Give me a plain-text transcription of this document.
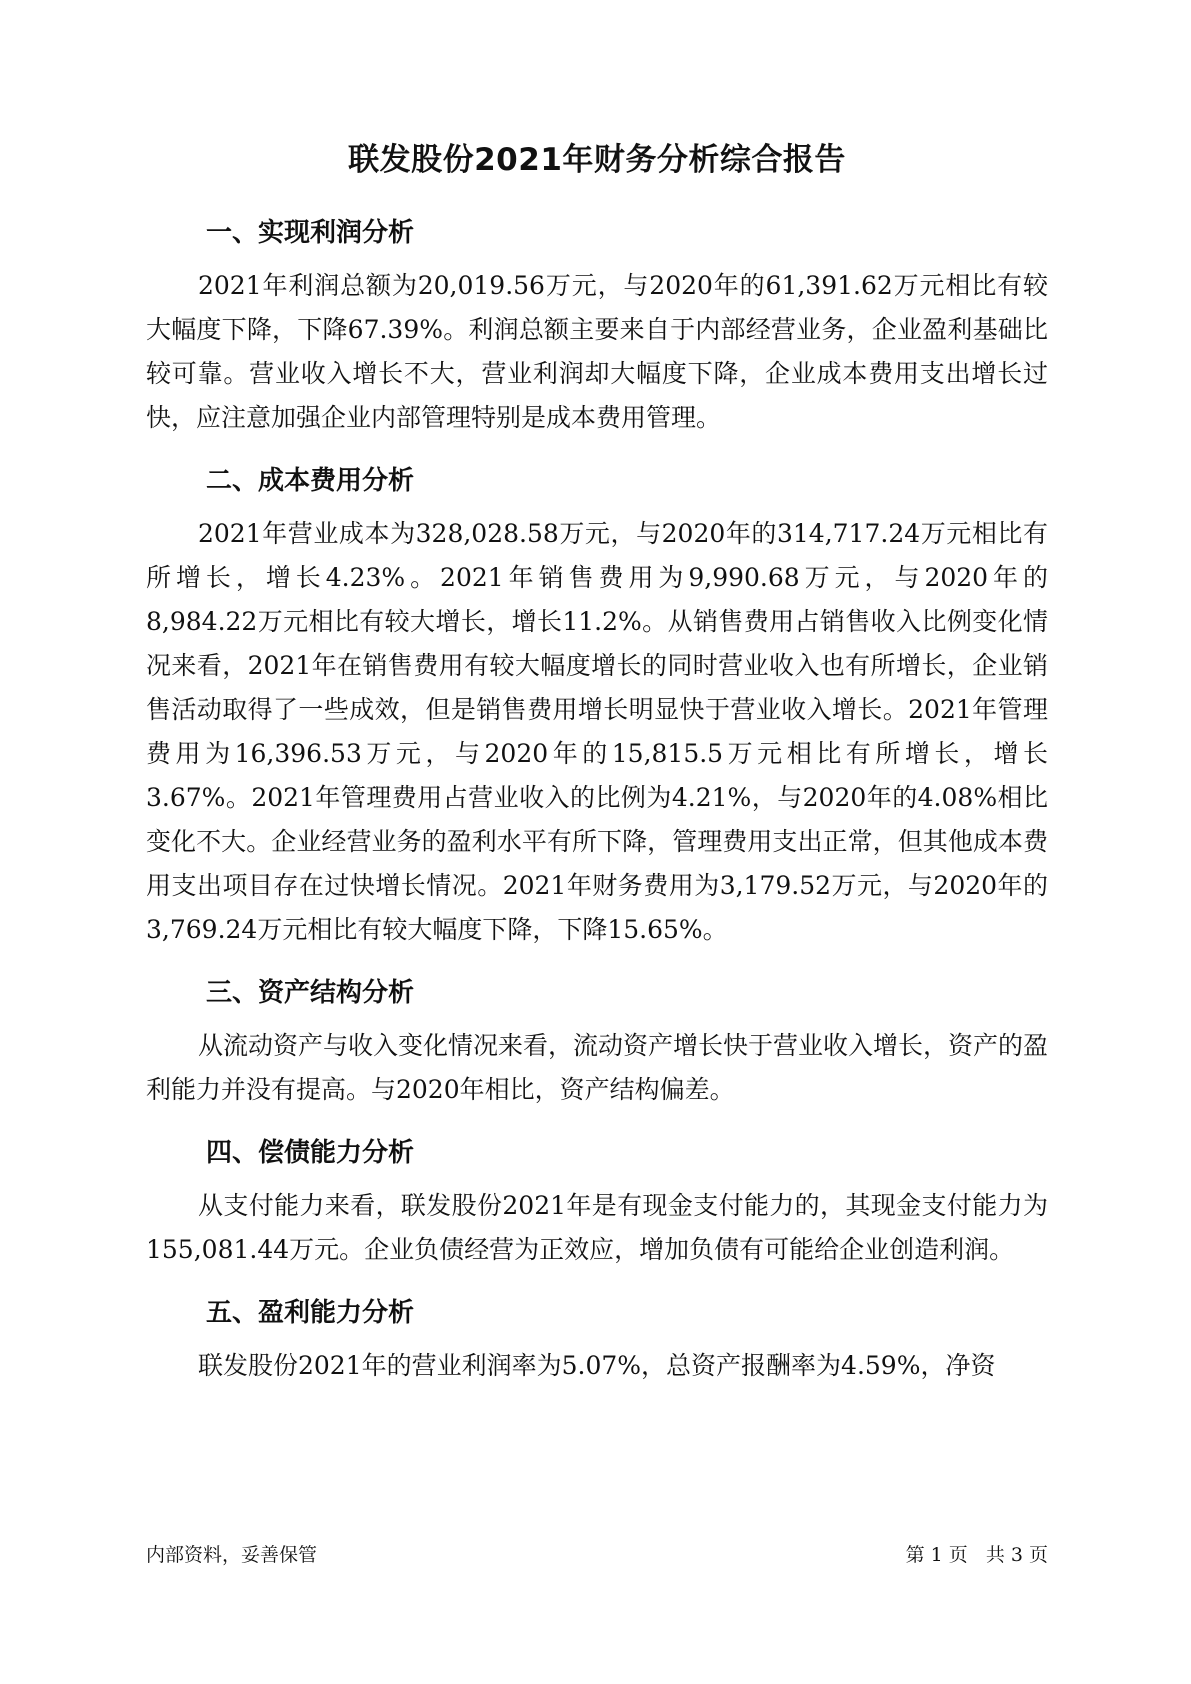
联发股份2021年财务分析综合报告
一、实现利润分析

2021年利润总额为20,019.56万元，与2020年的61,391.62万元相比有较大幅度下降，下降67.39%。利润总额主要来自于内部经营业务，企业盈利基础比较可靠。营业收入增长不大，营业利润却大幅度下降，企业成本费用支出增长过快，应注意加强企业内部管理特别是成本费用管理。

二、成本费用分析

2021年营业成本为328,028.58万元，与2020年的314,717.24万元相比有所增长，增长4.23%。2021年销售费用为9,990.68万元，与2020年的8,984.22万元相比有较大增长，增长11.2%。从销售费用占销售收入比例变化情况来看，2021年在销售费用有较大幅度增长的同时营业收入也有所增长，企业销售活动取得了一些成效，但是销售费用增长明显快于营业收入增长。2021年管理费用为16,396.53万元，与2020年的15,815.5万元相比有所增长，增长3.67%。2021年管理费用占营业收入的比例为4.21%，与2020年的4.08%相比变化不大。企业经营业务的盈利水平有所下降，管理费用支出正常，但其他成本费用支出项目存在过快增长情况。2021年财务费用为3,179.52万元，与2020年的3,769.24万元相比有较大幅度下降，下降15.65%。

三、资产结构分析

从流动资产与收入变化情况来看，流动资产增长快于营业收入增长，资产的盈利能力并没有提高。与2020年相比，资产结构偏差。

四、偿债能力分析

从支付能力来看，联发股份2021年是有现金支付能力的，其现金支付能力为155,081.44万元。企业负债经营为正效应，增加负债有可能给企业创造利润。

五、盈利能力分析

联发股份2021年的营业利润率为5.07%，总资产报酬率为4.59%，净资

内部资料，妥善保管	第 1 页 共 3 页
